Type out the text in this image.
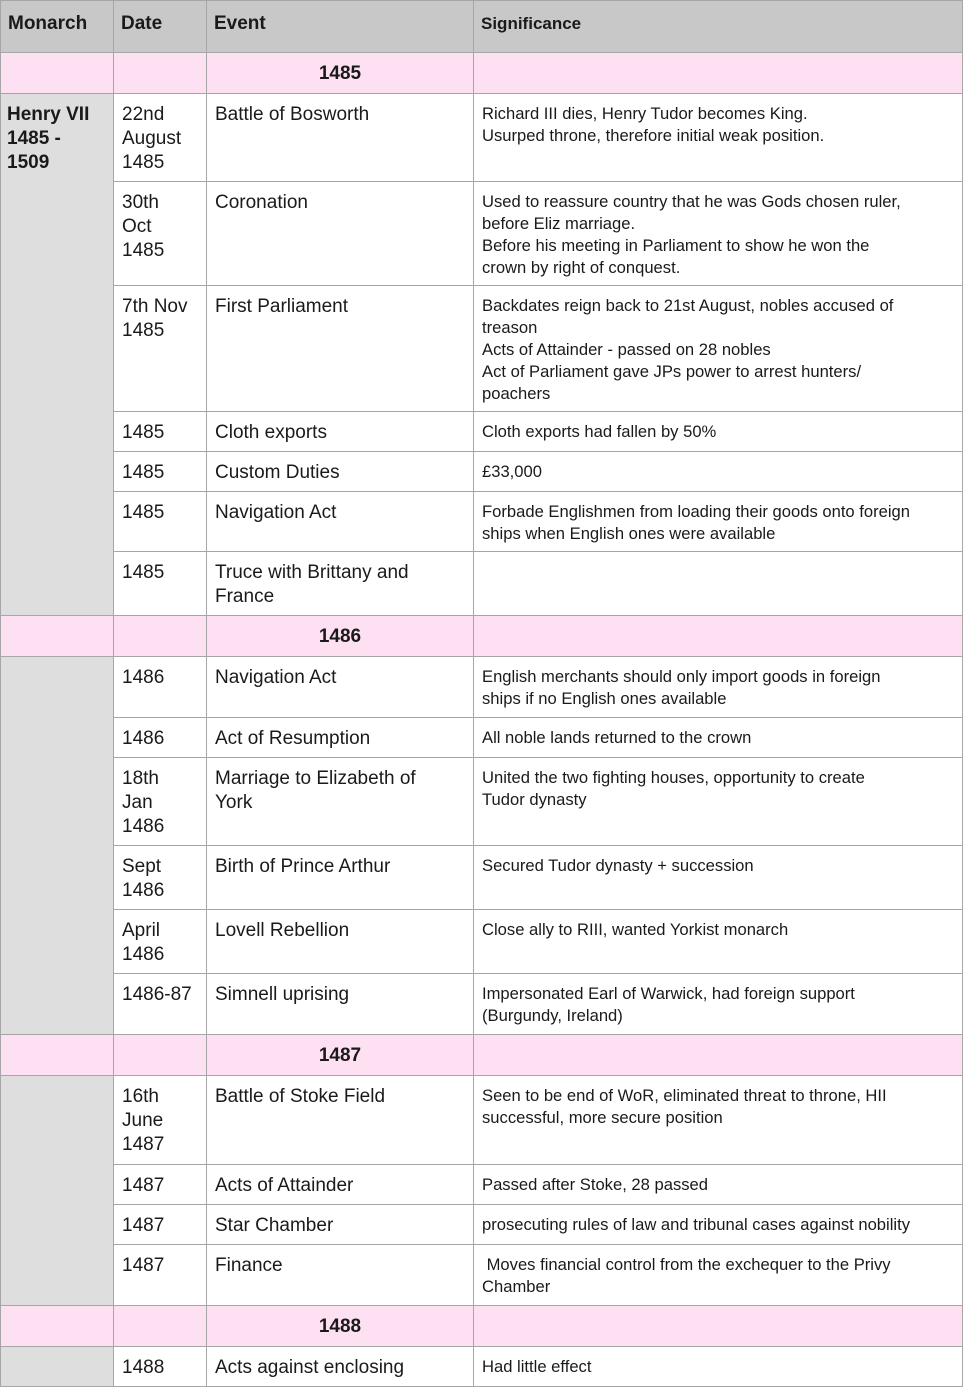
Monarch	Date	Event	Significance
		1485	

Henry VII
1485 -
1509	22nd
August
1485	Battle of Bosworth	Richard III dies, Henry Tudor becomes King.
Usurped throne, therefore initial weak position.

	30th
Oct
1485	Coronation	Used to reassure country that he was Gods chosen ruler,
before Eliz marriage.
Before his meeting in Parliament to show he won the
crown by right of conquest.

	7th Nov
1485	First Parliament	Backdates reign back to 21st August, nobles accused of
treason
Acts of Attainder - passed on 28 nobles
Act of Parliament gave JPs power to arrest hunters/
poachers

	1485	Cloth exports	Cloth exports had fallen by 50%

	1485	Custom Duties	£33,000

	1485	Navigation Act	Forbade Englishmen from loading their goods onto foreign
ships when English ones were available

	1485	Truce with Brittany and
France	

		1486	

	1486	Navigation Act	English merchants should only import goods in foreign
ships if no English ones available

	1486	Act of Resumption	All noble lands returned to the crown

	18th
Jan
1486	Marriage to Elizabeth of
York	United the two fighting houses, opportunity to create
Tudor dynasty

	Sept
1486	Birth of Prince Arthur	Secured Tudor dynasty + succession

	April
1486	Lovell Rebellion	Close ally to RIII, wanted Yorkist monarch

	1486-87	Simnell uprising	Impersonated Earl of Warwick, had foreign support
(Burgundy, Ireland)

		1487	

	16th
June
1487	Battle of Stoke Field	Seen to be end of WoR, eliminated threat to throne, HII
successful, more secure position

	1487	Acts of Attainder	Passed after Stoke, 28 passed

	1487	Star Chamber	prosecuting rules of law and tribunal cases against nobility

	1487	Finance	Moves financial control from the exchequer to the Privy
Chamber

		1488	

	1488	Acts against enclosing	Had little effect
